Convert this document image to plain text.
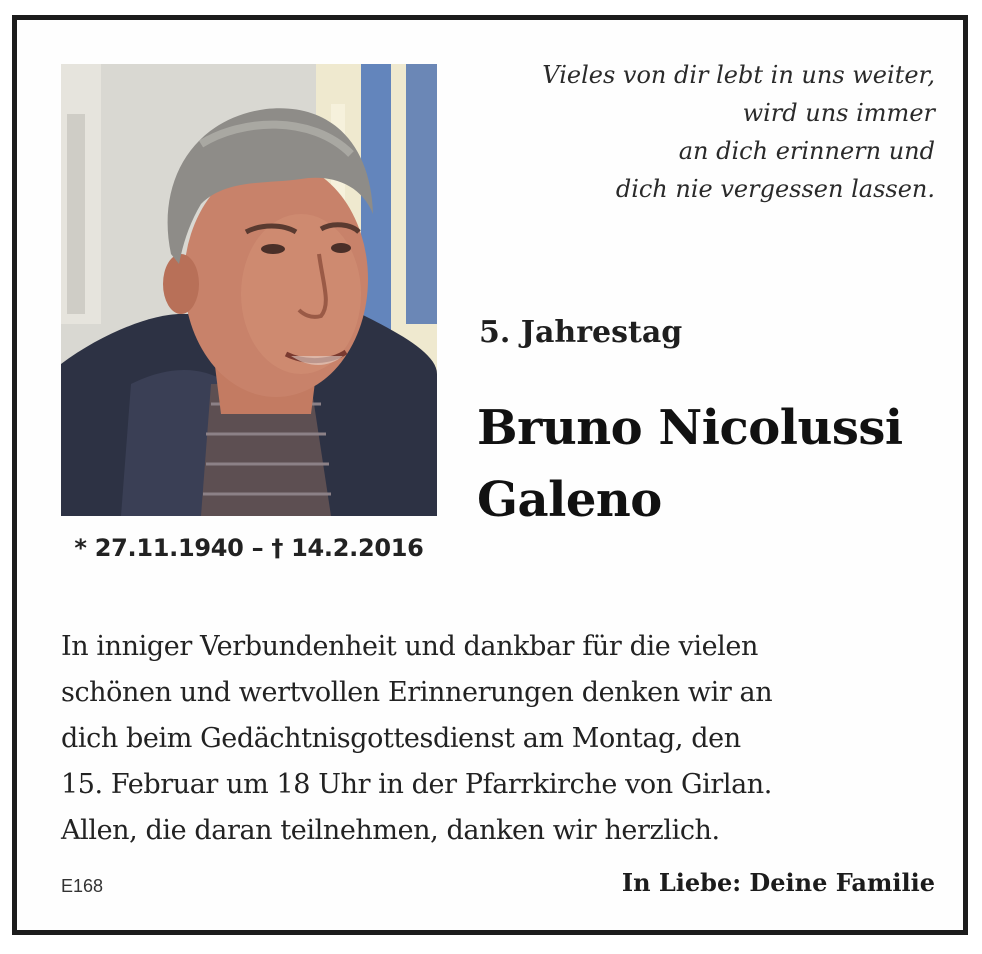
* 27.11.1940 – † 14.2.2016
Vieles von dir lebt in uns weiter,
wird uns immer
an dich erinnern und
dich nie vergessen lassen.
5. Jahrestag
Bruno Nicolussi
Galeno
In inniger Verbundenheit und dankbar für die vielen
schönen und wertvollen Erinnerungen denken wir an
dich beim Gedächtnisgottesdienst am Montag, den
15. Februar um 18 Uhr in der Pfarrkirche von Girlan.
Allen, die daran teilnehmen, danken wir herzlich.
E168	In Liebe: Deine Familie
